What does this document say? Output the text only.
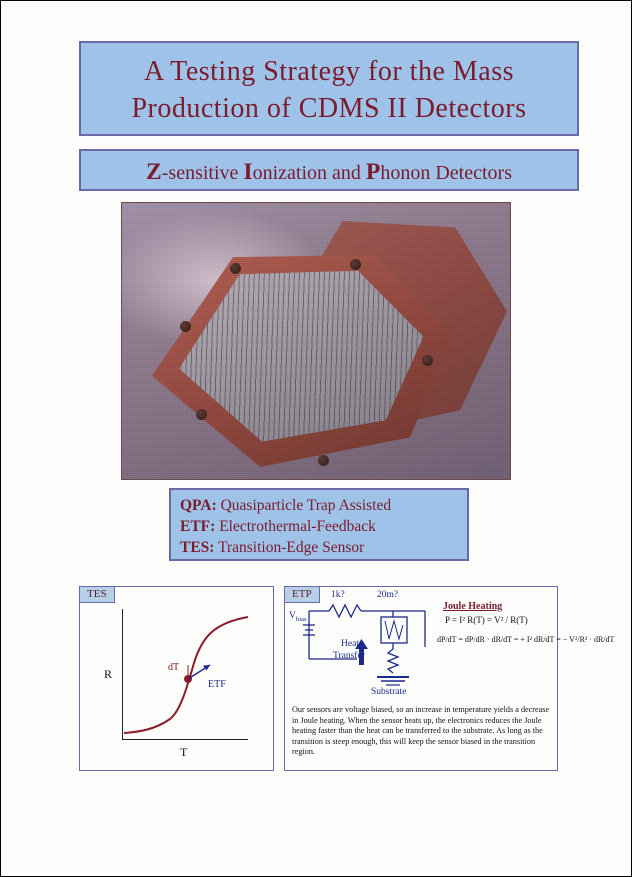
A Testing Strategy for the Mass
Production of CDMS II Detectors
Z-sensitive Ionization and Phonon Detectors
QPA: Quasiparticle Trap Assisted
ETF: Electrothermal-Feedback
TES: Transition-Edge Sensor
TES
R
T
dT
ETF
ETP
Joule Heating
$V_{bias}$
1k?	20m?
Heat
Transfer
Substrate
P = I² R(T) = V² / R(T)
dP/dT = dP/dR · dR/dT = + I² dR/dT = − V²/R² · dR/dT
Our sensors are voltage biased, so an increase in temperature yields a decrease in Joule heating. When the sensor heats up, the electronics reduces the Joule heating faster than the heat can be transferred to the substrate. As long as the transition is steep enough, this will keep the sensor biased in the transition region.
